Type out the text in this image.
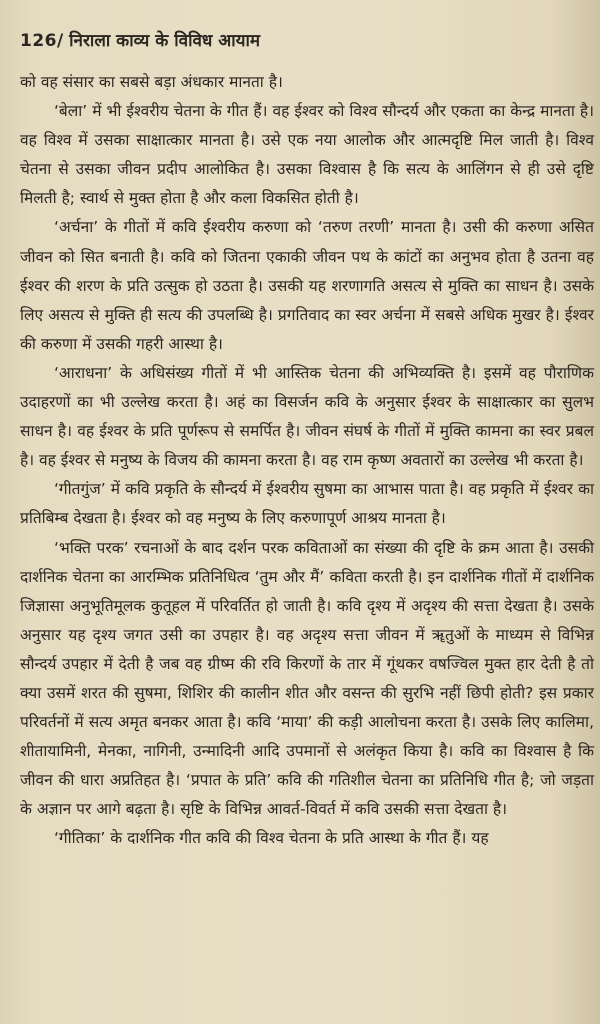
126/ निराला काव्य के विविध आयाम

को वह संसार का सबसे बड़ा अंधकार मानता है।

‘बेला’ में भी ईश्वरीय चेतना के गीत हैं। वह ईश्वर को विश्व सौन्दर्य और एकता का केन्द्र मानता है। वह विश्व में उसका साक्षात्कार मानता है। उसे एक नया आलोक और आत्मदृष्टि मिल जाती है। विश्व चेतना से उसका जीवन प्रदीप आलोकित है। उसका विश्वास है कि सत्य के आलिंगन से ही उसे दृष्टि मिलती है; स्वार्थ से मुक्त होता है और कला विकसित होती है।

‘अर्चना’ के गीतों में कवि ईश्वरीय करुणा को ‘तरुण तरणी’ मानता है। उसी की करुणा असित जीवन को सित बनाती है। कवि को जितना एकाकी जीवन पथ के कांटों का अनुभव होता है उतना वह ईश्वर की शरण के प्रति उत्सुक हो उठता है। उसकी यह शरणागति असत्य से मुक्ति का साधन है। उसके लिए असत्य से मुक्ति ही सत्य की उपलब्धि है। प्रगतिवाद का स्वर अर्चना में सबसे अधिक मुखर है। ईश्वर की करुणा में उसकी गहरी आस्था है।

‘आराधना’ के अधिसंख्य गीतों में भी आस्तिक चेतना की अभिव्यक्ति है। इसमें वह पौराणिक उदाहरणों का भी उल्लेख करता है। अहं का विसर्जन कवि के अनुसार ईश्वर के साक्षात्कार का सुलभ साधन है। वह ईश्वर के प्रति पूर्णरूप से समर्पित है। जीवन संघर्ष के गीतों में मुक्ति कामना का स्वर प्रबल है। वह ईश्वर से मनुष्य के विजय की कामना करता है। वह राम कृष्ण अवतारों का उल्लेख भी करता है।

‘गीतगुंज’ में कवि प्रकृति के सौन्दर्य में ईश्वरीय सुषमा का आभास पाता है। वह प्रकृति में ईश्वर का प्रतिबिम्ब देखता है। ईश्वर को वह मनुष्य के लिए करुणापूर्ण आश्रय मानता है।

‘भक्ति परक’ रचनाओं के बाद दर्शन परक कविताओं का संख्या की दृष्टि के क्रम आता है। उसकी दार्शनिक चेतना का आरम्भिक प्रतिनिधित्व ‘तुम और मैं’ कविता करती है। इन दार्शनिक गीतों में दार्शनिक जिज्ञासा अनुभूतिमूलक कुतूहल में परिवर्तित हो जाती है। कवि दृश्य में अदृश्य की सत्ता देखता है। उसके अनुसार यह दृश्य जगत उसी का उपहार है। वह अदृश्य सत्ता जीवन में ॠतुओं के माध्यम से विभिन्न सौन्दर्य उपहार में देती है जब वह ग्रीष्म की रवि किरणों के तार में गूंथकर वषज्विल मुक्त हार देती है तो क्या उसमें शरत की सुषमा, शिशिर की कालीन शीत और वसन्त की सुरभि नहीं छिपी होती? इस प्रकार परिवर्तनों में सत्य अमृत बनकर आता है। कवि ‘माया’ की कड़ी आलोचना करता है। उसके लिए कालिमा, शीतायामिनी, मेनका, नागिनी, उन्मादिनी आदि उपमानों से अलंकृत किया है। कवि का विश्वास है कि जीवन की धारा अप्रतिहत है। ‘प्रपात के प्रति’ कवि की गतिशील चेतना का प्रतिनिधि गीत है; जो जड़ता के अज्ञान पर आगे बढ़ता है। सृष्टि के विभिन्न आवर्त-विवर्त में कवि उसकी सत्ता देखता है।

‘गीतिका’ के दार्शनिक गीत कवि की विश्व चेतना के प्रति आस्था के गीत हैं। यह
